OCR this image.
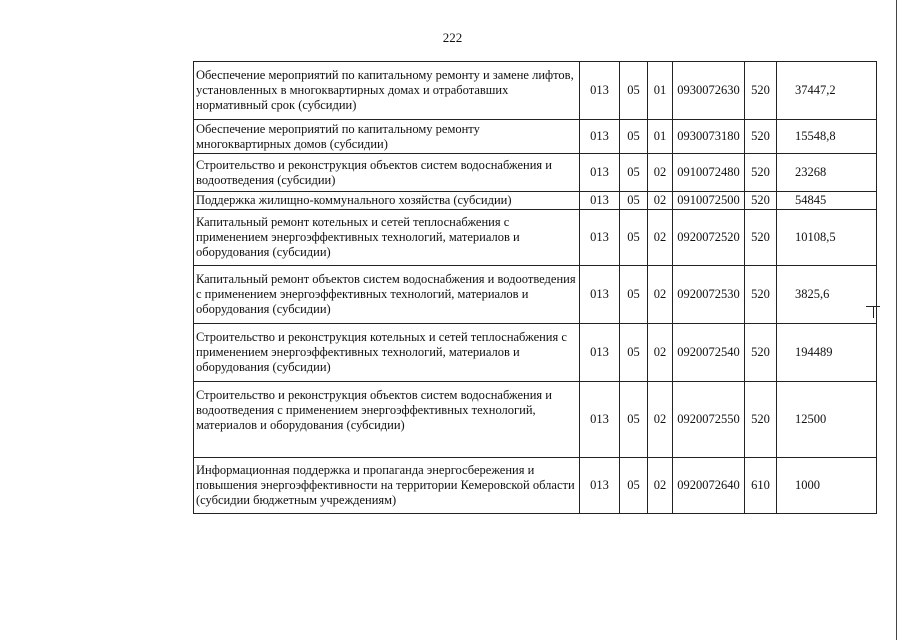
222
Обеспечение мероприятий по капитальному ремонту и замене лифтов, установленных в многоквартирных домах и отработавших нормативный срок (субсидии)	013	05	01	0930072630	520	37447,2
Обеспечение мероприятий по капитальному ремонту многоквартирных домов (субсидии)	013	05	01	0930073180	520	15548,8
Строительство и реконструкция объектов систем водоснабжения и водоотведения (субсидии)	013	05	02	0910072480	520	23268
Поддержка жилищно-коммунального хозяйства (субсидии)	013	05	02	0910072500	520	54845
Капитальный ремонт котельных и сетей теплоснабжения с применением энергоэффективных технологий, материалов и оборудования (субсидии)	013	05	02	0920072520	520	10108,5
Капитальный ремонт объектов систем водоснабжения и водоотведения с применением энергоэффективных технологий, материалов и оборудования (субсидии)	013	05	02	0920072530	520	3825,6
Строительство и реконструкция котельных и сетей теплоснабжения с применением энергоэффективных технологий, материалов и оборудования (субсидии)	013	05	02	0920072540	520	194489
Строительство и реконструкция объектов систем водоснабжения и водоотведения с применением энергоэффективных технологий, материалов и оборудования (субсидии)	013	05	02	0920072550	520	12500
Информационная поддержка и пропаганда энергосбережения и повышения энергоэффективности на территории Кемеровской области (субсидии бюджетным учреждениям)	013	05	02	0920072640	610	1000
